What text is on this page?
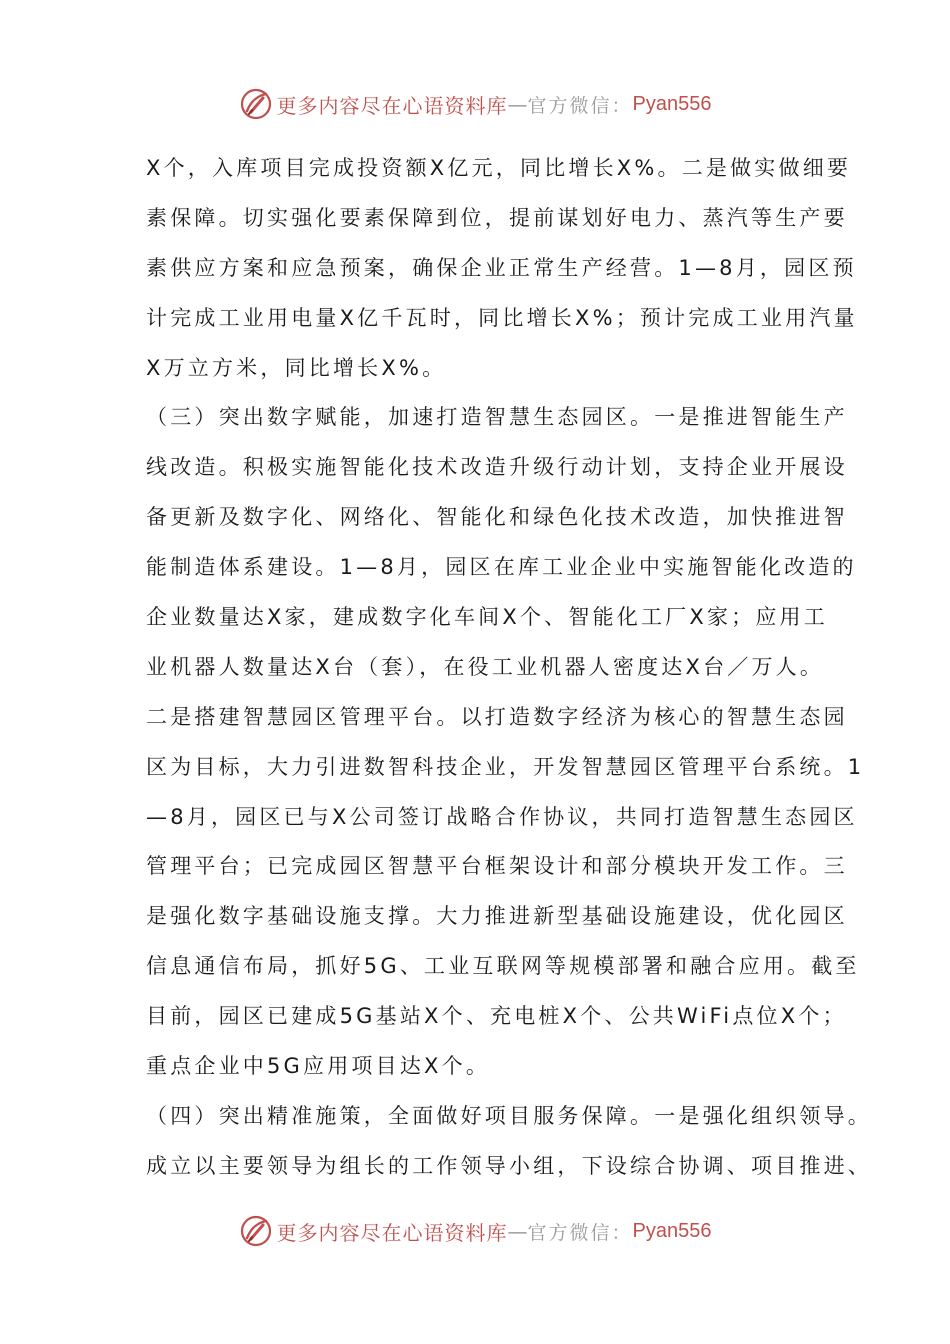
更多内容尽在心语资料库 — 官方微信： Pyan556
X个，入库项目完成投资额X亿元，同比增长X%。二是做实做细要
素保障。切实强化要素保障到位，提前谋划好电力、蒸汽等生产要
素供应方案和应急预案，确保企业正常生产经营。1—8月，园区预
计完成工业用电量X亿千瓦时，同比增长X%；预计完成工业用汽量
X万立方米，同比增长X%。
（三）突出数字赋能，加速打造智慧生态园区。一是推进智能生产
线改造。积极实施智能化技术改造升级行动计划，支持企业开展设
备更新及数字化、网络化、智能化和绿色化技术改造，加快推进智
能制造体系建设。1—8月，园区在库工业企业中实施智能化改造的
企业数量达X家，建成数字化车间X个、智能化工厂X家；应用工
业机器人数量达X台（套），在役工业机器人密度达X台／万人。
二是搭建智慧园区管理平台。以打造数字经济为核心的智慧生态园
区为目标，大力引进数智科技企业，开发智慧园区管理平台系统。1
—8月，园区已与X公司签订战略合作协议，共同打造智慧生态园区
管理平台；已完成园区智慧平台框架设计和部分模块开发工作。三
是强化数字基础设施支撑。大力推进新型基础设施建设，优化园区
信息通信布局，抓好5G、工业互联网等规模部署和融合应用。截至
目前，园区已建成5G基站X个、充电桩X个、公共WiFi点位X个；
重点企业中5G应用项目达X个。
（四）突出精准施策，全面做好项目服务保障。一是强化组织领导。
成立以主要领导为组长的工作领导小组，下设综合协调、项目推进、
更多内容尽在心语资料库 — 官方微信： Pyan556
